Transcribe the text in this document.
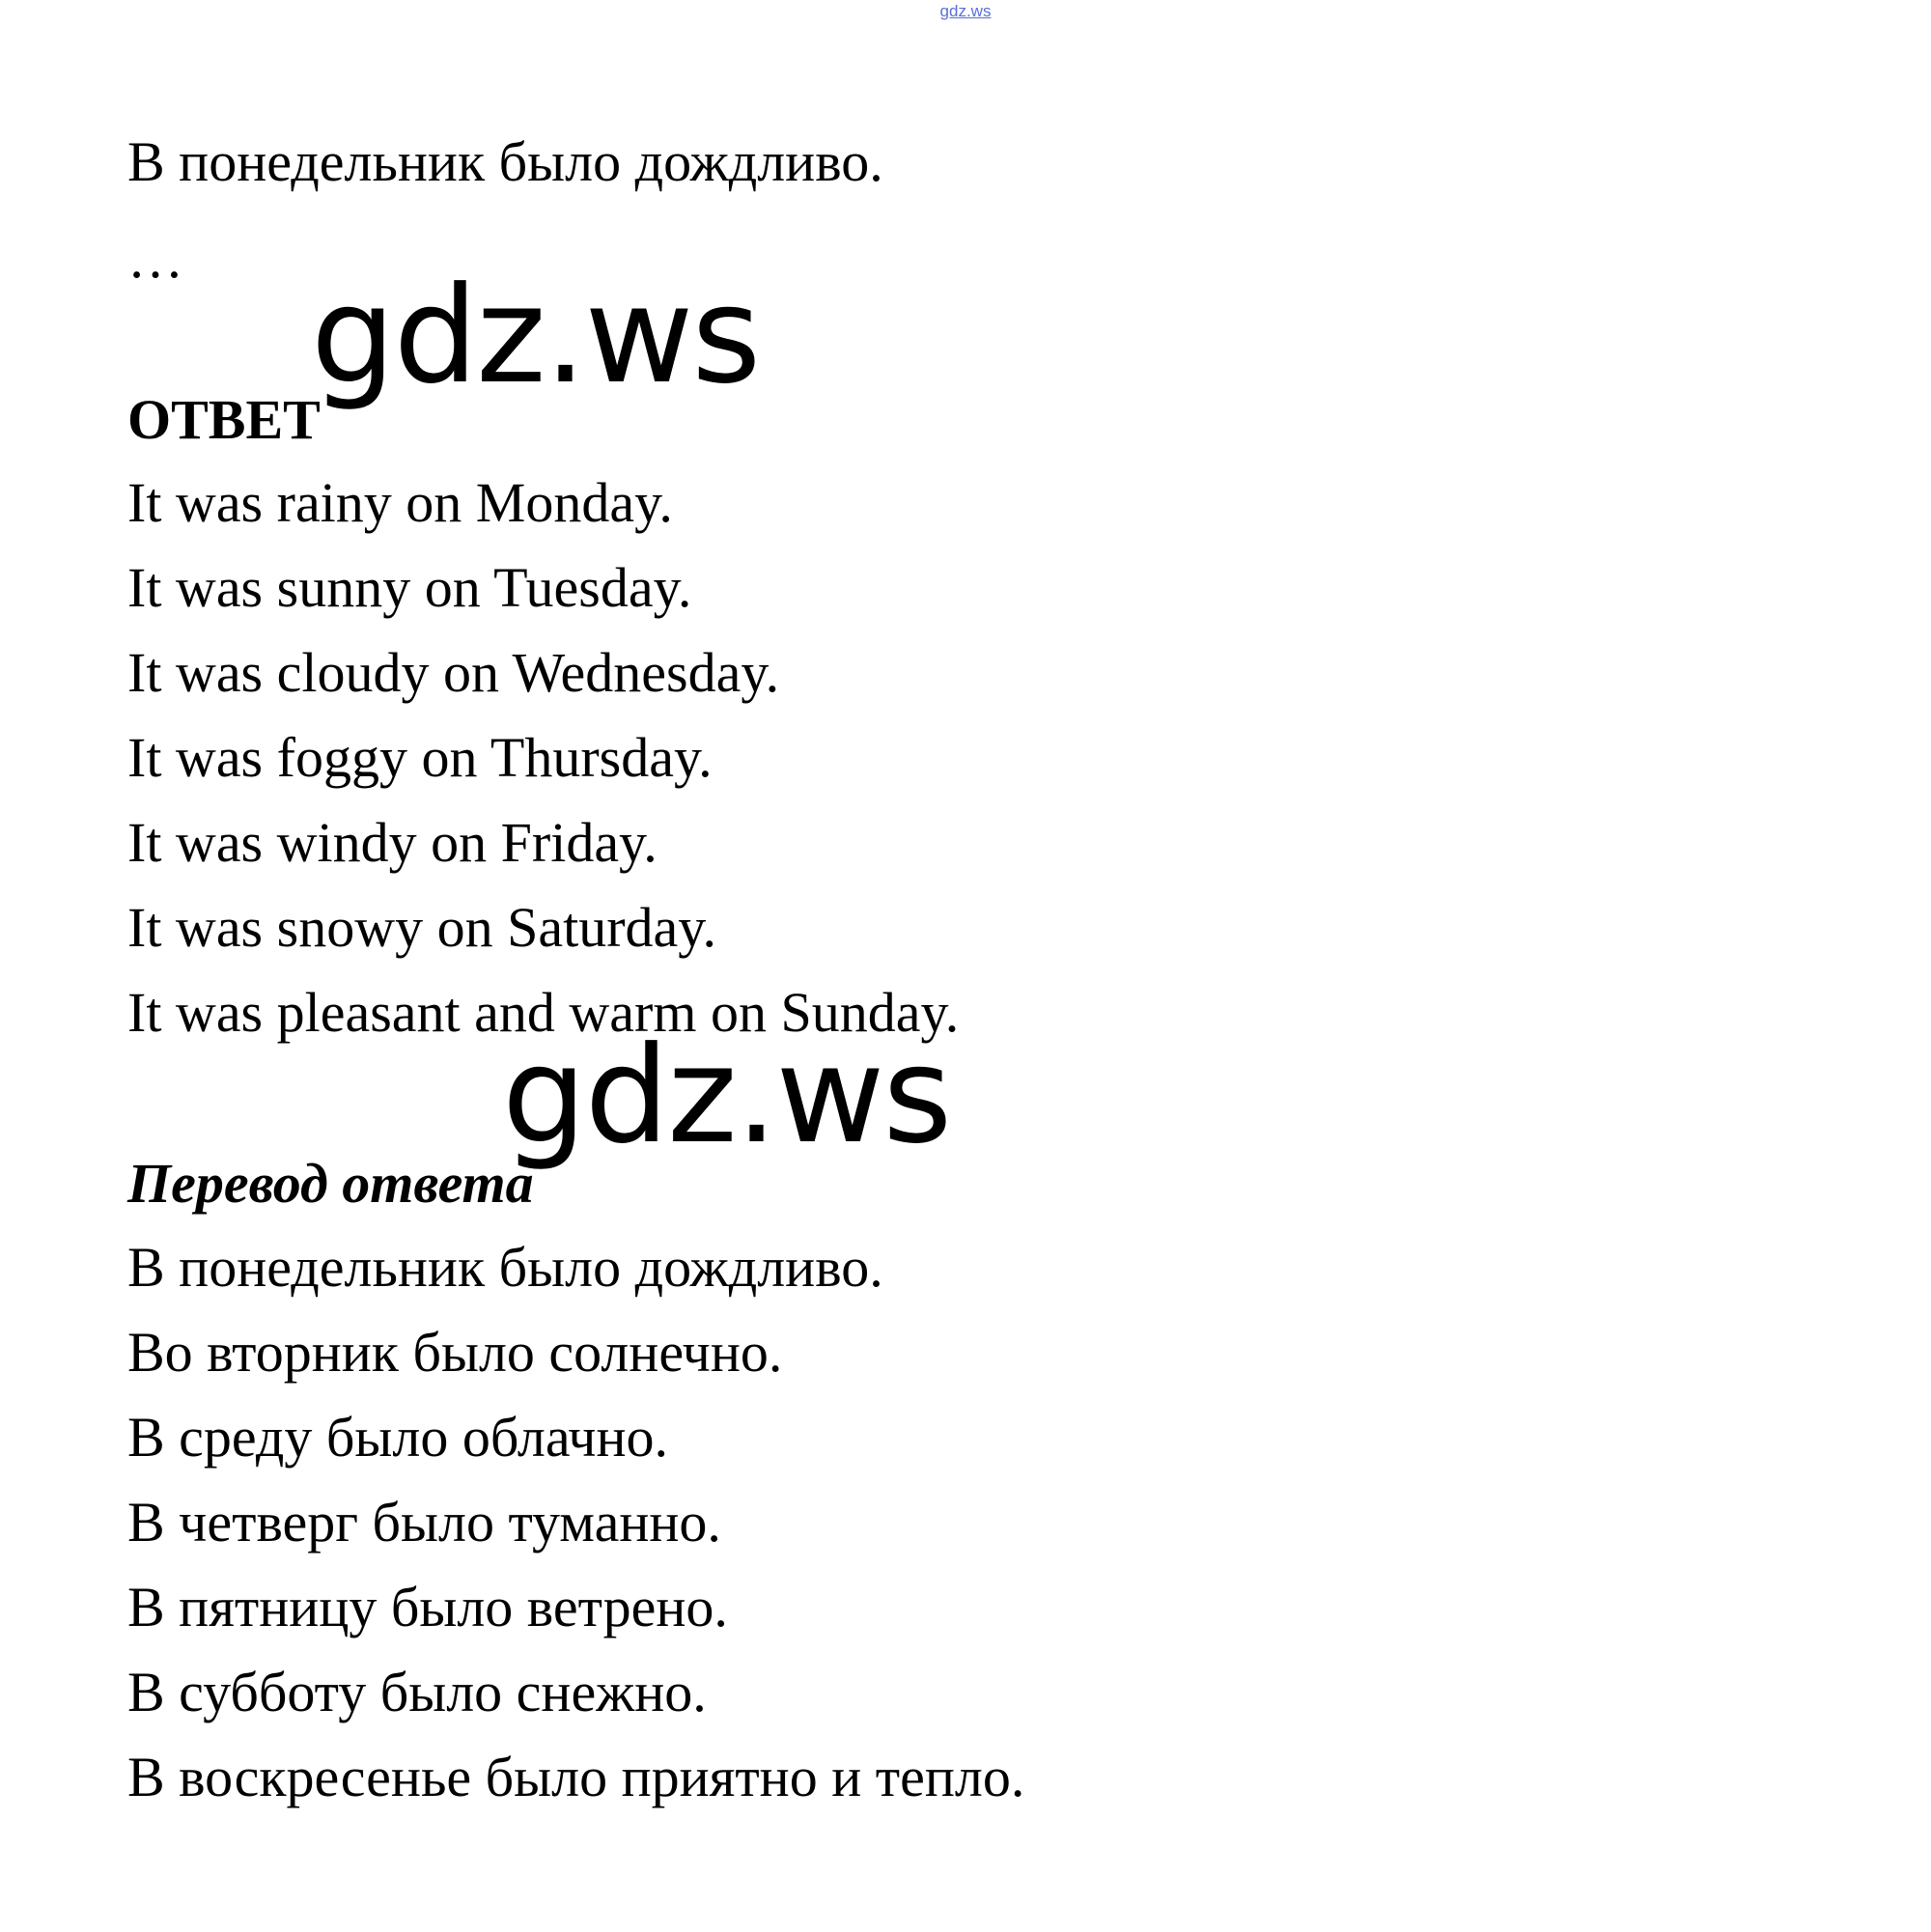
gdz.ws
В понедельник было дождливо.
… gdz.ws
ОТВЕТ
It was rainy on Monday.
It was sunny on Tuesday.
It was cloudy on Wednesday.
It was foggy on Thursday.
It was windy on Friday.
It was snowy on Saturday.
It was pleasant and warm on Sunday.
gdz.ws
Перевод ответа
В понедельник было дождливо.
Во вторник было солнечно.
В среду было облачно.
В четверг было туманно.
В пятницу было ветрено.
В субботу было снежно.
В воскресенье было приятно и тепло.
